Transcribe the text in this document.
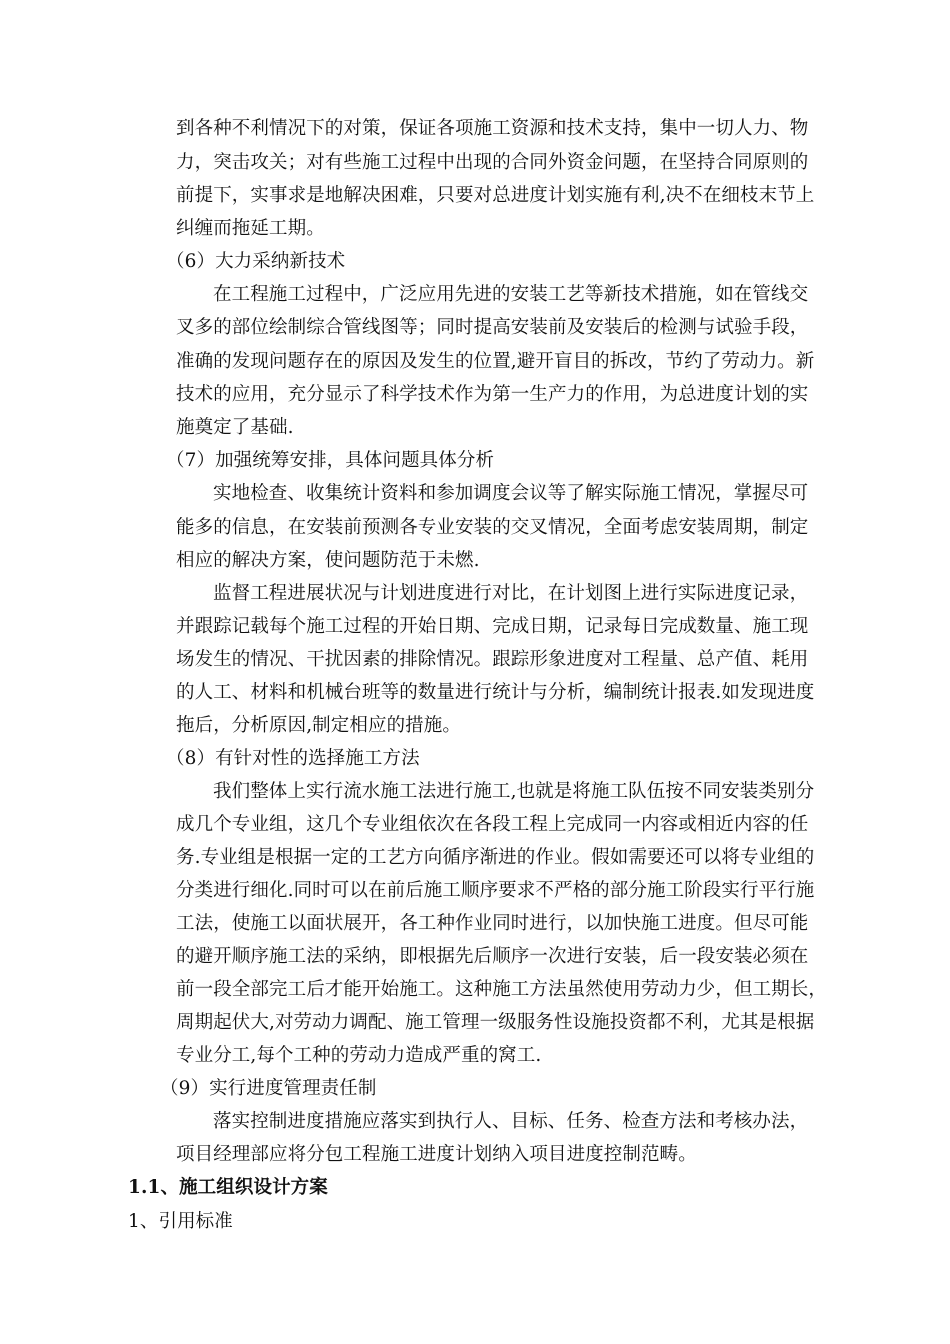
到各种不利情况下的对策，保证各项施工资源和技术支持，集中一切人力、物
力，突击攻关；对有些施工过程中出现的合同外资金问题，在坚持合同原则的
前提下，实事求是地解决困难，只要对总进度计划实施有利,决不在细枝末节上
纠缠而拖延工期。
（6）大力采纳新技术
在工程施工过程中，广泛应用先进的安装工艺等新技术措施，如在管线交
叉多的部位绘制综合管线图等；同时提高安装前及安装后的检测与试验手段，
准确的发现问题存在的原因及发生的位置,避开盲目的拆改，节约了劳动力。新
技术的应用，充分显示了科学技术作为第一生产力的作用，为总进度计划的实
施奠定了基础.
（7）加强统筹安排，具体问题具体分析
实地检查、收集统计资料和参加调度会议等了解实际施工情况，掌握尽可
能多的信息，在安装前预测各专业安装的交叉情况，全面考虑安装周期，制定
相应的解决方案，使问题防范于未燃.
监督工程进展状况与计划进度进行对比，在计划图上进行实际进度记录，
并跟踪记载每个施工过程的开始日期、完成日期，记录每日完成数量、施工现
场发生的情况、干扰因素的排除情况。跟踪形象进度对工程量、总产值、耗用
的人工、材料和机械台班等的数量进行统计与分析，编制统计报表.如发现进度
拖后，分析原因,制定相应的措施。
（8）有针对性的选择施工方法
我们整体上实行流水施工法进行施工,也就是将施工队伍按不同安装类别分
成几个专业组，这几个专业组依次在各段工程上完成同一内容或相近内容的任
务.专业组是根据一定的工艺方向循序渐进的作业。假如需要还可以将专业组的
分类进行细化.同时可以在前后施工顺序要求不严格的部分施工阶段实行平行施
工法，使施工以面状展开，各工种作业同时进行，以加快施工进度。但尽可能
的避开顺序施工法的采纳，即根据先后顺序一次进行安装，后一段安装必须在
前一段全部完工后才能开始施工。这种施工方法虽然使用劳动力少，但工期长，
周期起伏大,对劳动力调配、施工管理一级服务性设施投资都不利，尤其是根据
专业分工,每个工种的劳动力造成严重的窝工.
（9）实行进度管理责任制
落实控制进度措施应落实到执行人、目标、任务、检查方法和考核办法，
项目经理部应将分包工程施工进度计划纳入项目进度控制范畴。
1.1、施工组织设计方案
1、引用标准
